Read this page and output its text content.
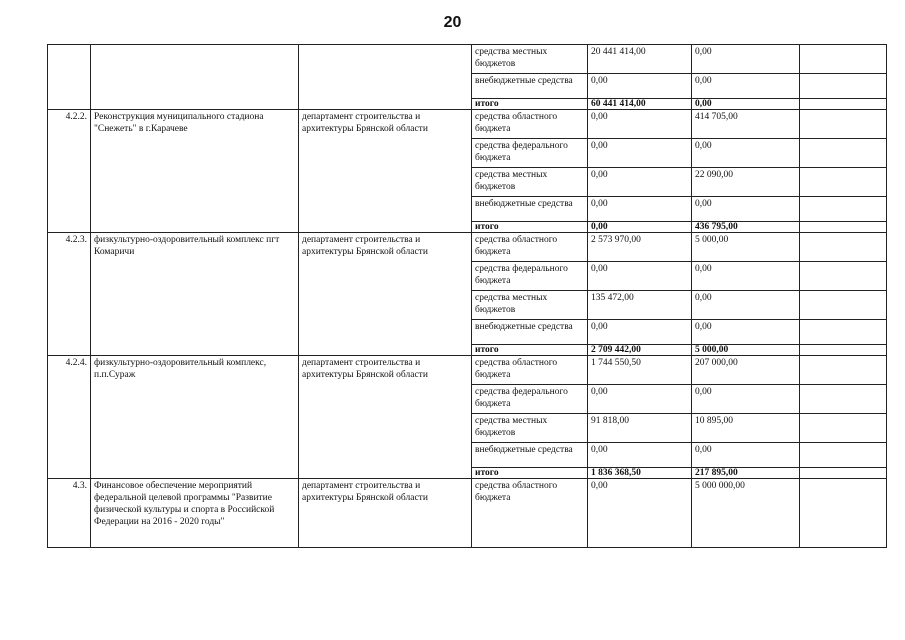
20
			средства местных бюджетов	20 441 414,00	0,00	
			внебюджетные средства	0,00	0,00	
			итого	60 441 414,00	0,00	
4.2.2.	Реконструкция муниципального стадиона "Снежеть" в г.Карачеве	департамент строительства и архитектуры Брянской области	средства областного бюджета	0,00	414 705,00	
			средства федерального бюджета	0,00	0,00	
			средства местных бюджетов	0,00	22 090,00	
			внебюджетные средства	0,00	0,00	
			итого	0,00	436 795,00	
4.2.3.	физкультурно-оздоровительный комплекс пгт Комаричи	департамент строительства и архитектуры Брянской области	средства областного бюджета	2 573 970,00	5 000,00	
			средства федерального бюджета	0,00	0,00	
			средства местных бюджетов	135 472,00	0,00	
			внебюджетные средства	0,00	0,00	
			итого	2 709 442,00	5 000,00	
4.2.4.	физкультурно-оздоровительный комплекс, п.п.Сураж	департамент строительства и архитектуры Брянской области	средства областного бюджета	1 744 550,50	207 000,00	
			средства федерального бюджета	0,00	0,00	
			средства местных бюджетов	91 818,00	10 895,00	
			внебюджетные средства	0,00	0,00	
			итого	1 836 368,50	217 895,00	
4.3.	Финансовое обеспечение мероприятий федеральной целевой программы "Развитие физической культуры и спорта в Российской Федерации на 2016 - 2020 годы"	департамент строительства и архитектуры Брянской области	средства областного бюджета	0,00	5 000 000,00	
